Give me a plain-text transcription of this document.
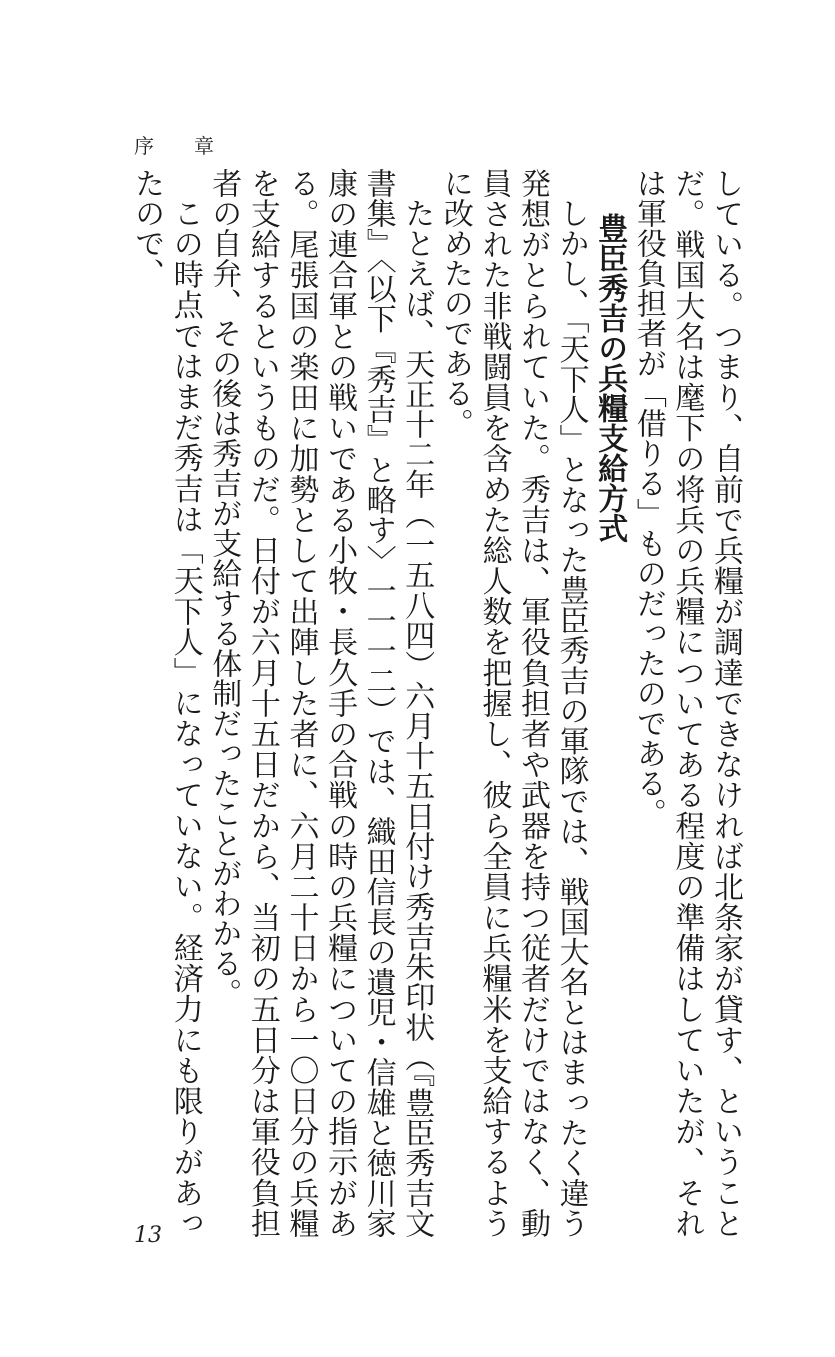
序　　章

している。つまり、自前で兵糧が調達できなければ北条家が貸す、ということだ。戦国大名は麾下の将兵の兵糧についてある程度の準備はしていたが、それは軍役負担者が「借りる」ものだったのである。

豊臣秀吉の兵糧支給方式

しかし、「天下人」となった豊臣秀吉の軍隊では、戦国大名とはまったく違う発想がとられていた。秀吉は、軍役負担者や武器を持つ従者だけではなく、動員された非戦闘員を含めた総人数を把握し、彼ら全員に兵糧米を支給するように改めたのである。

たとえば、天正十二年（一五八四）六月十五日付け秀吉朱印状（『豊臣秀吉文書集』〈以下『秀吉』と略す〉一一一二）では、織田信長の遺児・信雄と徳川家康の連合軍との戦いである小牧・長久手の合戦の時の兵糧についての指示がある。尾張国の楽田に加勢として出陣した者に、六月二十日から一〇日分の兵糧を支給するというものだ。日付が六月十五日だから、当初の五日分は軍役負担者の自弁、その後は秀吉が支給する体制だったことがわかる。

この時点ではまだ秀吉は「天下人」になっていない。経済力にも限りがあったので、

13
